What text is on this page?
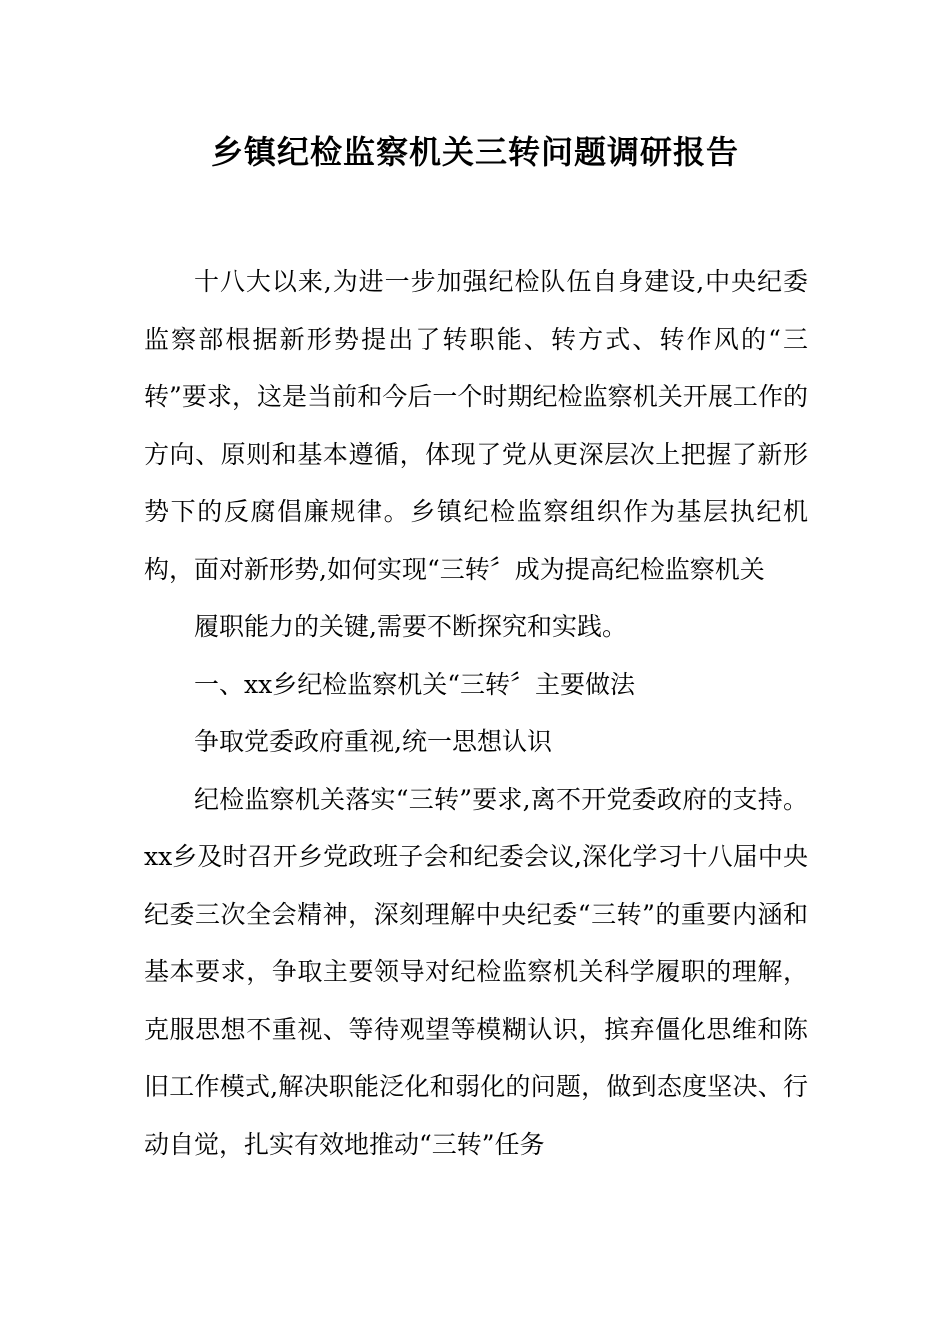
乡镇纪检监察机关三转问题调研报告

十八大以来,为进一步加强纪检队伍自身建设,中央纪委监察部根据新形势提出了转职能、转方式、转作风的“三转”要求，这是当前和今后一个时期纪检监察机关开展工作的方向、原则和基本遵循，体现了党从更深层次上把握了新形势下的反腐倡廉规律。乡镇纪检监察组织作为基层执纪机构，面对新形势,如何实现“三转〞成为提高纪检监察机关

履职能力的关键,需要不断探究和实践。

一、xx乡纪检监察机关“三转〞主要做法

争取党委政府重视,统一思想认识

纪检监察机关落实“三转”要求,离不开党委政府的支持。xx乡及时召开乡党政班子会和纪委会议,深化学习十八届中央纪委三次全会精神，深刻理解中央纪委“三转”的重要内涵和基本要求，争取主要领导对纪检监察机关科学履职的理解，克服思想不重视、等待观望等模糊认识，摈弃僵化思维和陈旧工作模式,解决职能泛化和弱化的问题，做到态度坚决、行动自觉，扎实有效地推动“三转”任务
